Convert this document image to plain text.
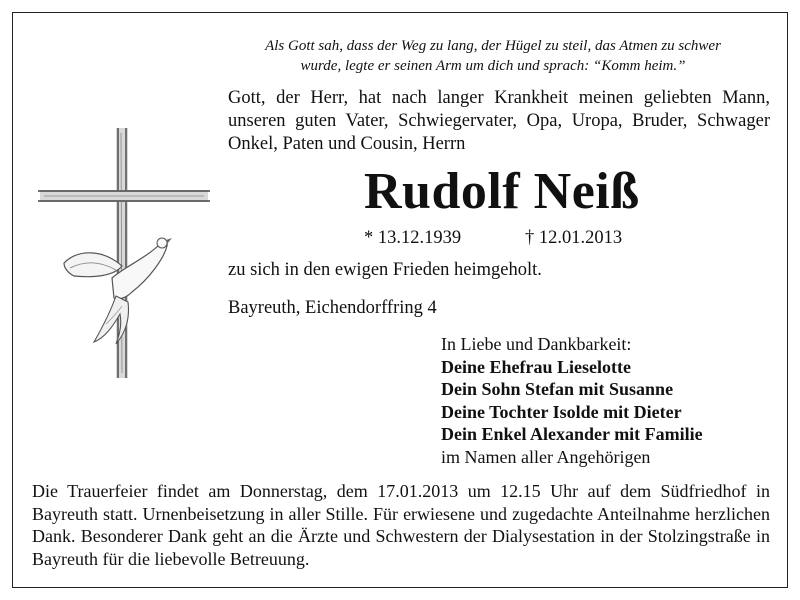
Als Gott sah, dass der Weg zu lang, der Hügel zu steil, das Atmen zu schwer
wurde, legte er seinen Arm um dich und sprach: “Komm heim.”
Gott, der Herr, hat nach langer Krankheit meinen geliebten Mann, unseren guten Vater, Schwiegervater, Opa, Uropa, Bruder, Schwager Onkel, Paten und Cousin, Herrn
Rudolf Neiß
* 13.12.1939	† 12.01.2013
zu sich in den ewigen Frieden heimgeholt.
Bayreuth, Eichendorffring 4
In Liebe und Dankbarkeit:
Deine Ehefrau Lieselotte
Dein Sohn Stefan mit Susanne
Deine Tochter Isolde mit Dieter
Dein Enkel Alexander mit Familie
im Namen aller Angehörigen
Die Trauerfeier findet am Donnerstag, dem 17.01.2013 um 12.15 Uhr auf dem Südfriedhof in Bayreuth statt. Urnenbeisetzung in aller Stille. Für erwiesene und zugedachte Anteilnahme herzlichen Dank. Besonderer Dank geht an die Ärzte und Schwestern der Dialysestation in der Stolzingstraße in Bayreuth für die liebevolle Betreuung.
